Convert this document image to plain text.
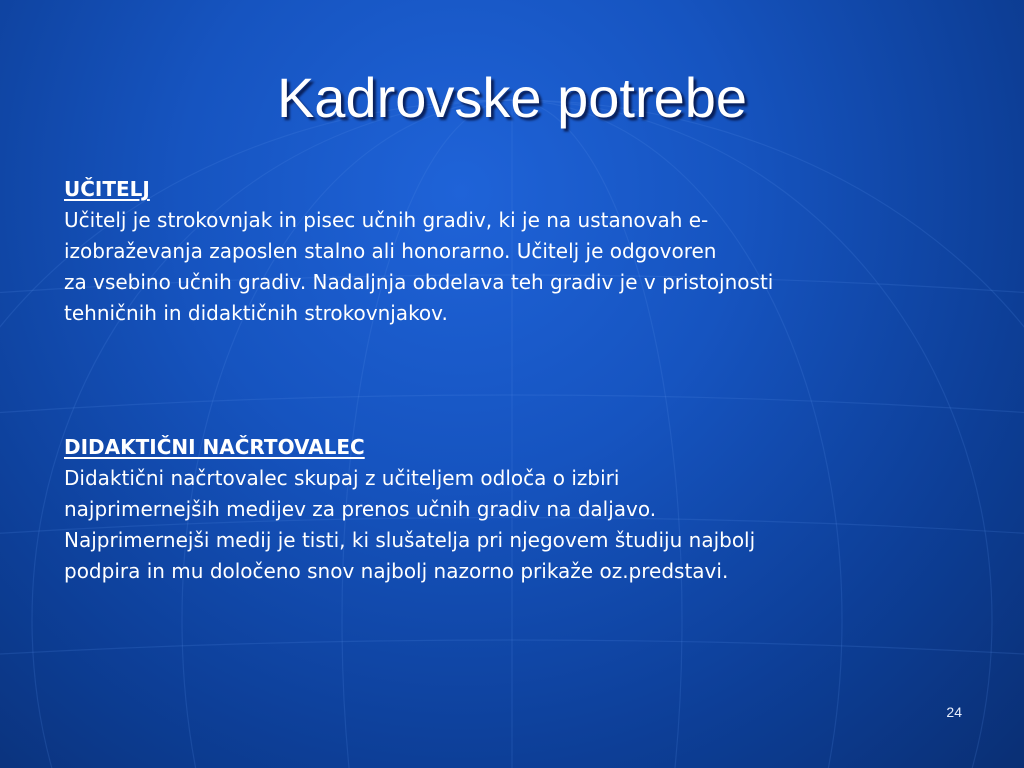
Kadrovske potrebe

UČITELJ

Učitelj je strokovnjak in pisec učnih gradiv, ki je na ustanovah e-
izobraževanja zaposlen stalno ali honorarno. Učitelj je odgovoren
za vsebino učnih gradiv. Nadaljnja obdelava teh gradiv je v pristojnosti
tehničnih in didaktičnih strokovnjakov.

DIDAKTIČNI NAČRTOVALEC

Didaktični načrtovalec skupaj z učiteljem odloča o izbiri
najprimernejših medijev za prenos učnih gradiv na daljavo.
Najprimernejši medij je tisti, ki slušatelja pri njegovem študiju najbolj
podpira in mu določeno snov najbolj nazorno prikaže oz.predstavi.

24
